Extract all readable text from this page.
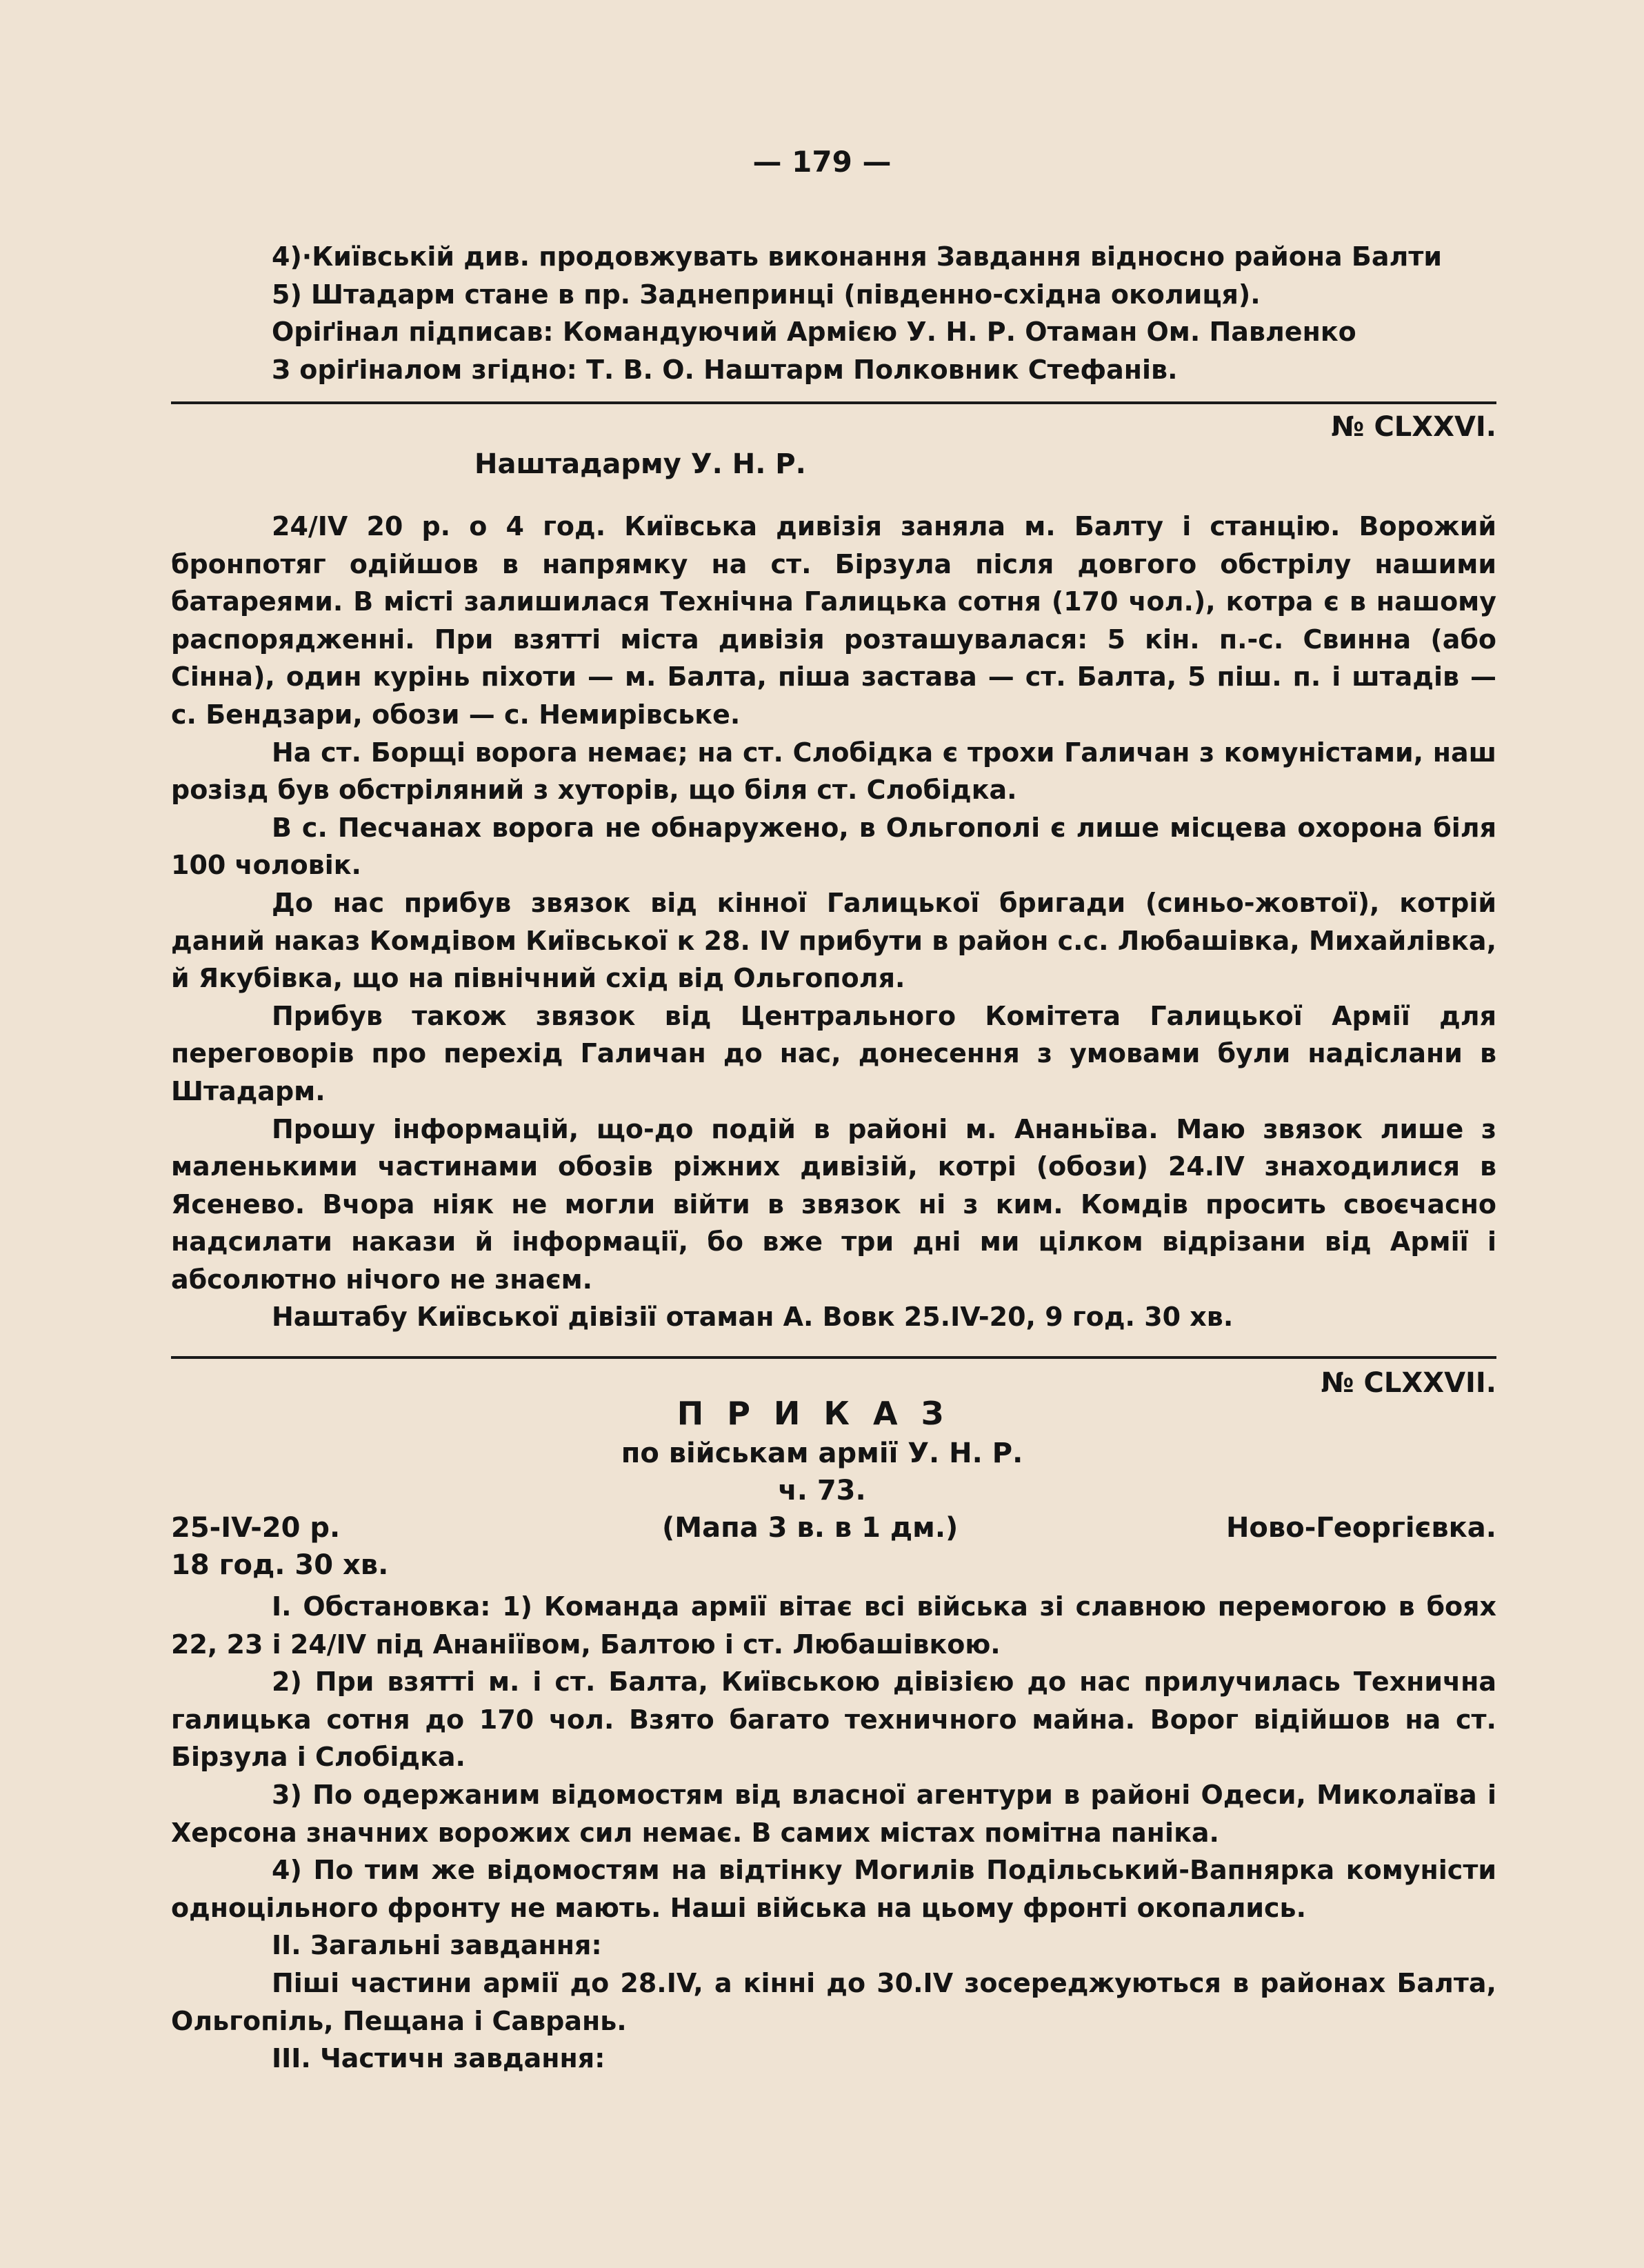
— 179 —

4)·Київській див. продовжувать виконання Завдання відносно района Балти

5) Штадарм стане в пр. Заднепринці (південно-східна околиця).

Оріґінал підписав: Командуючий Армією У. Н. Р. Отаман Ом. Павленко

З оріґіналом згідно: Т. В. О. Наштарм Полковник Стефанів.

№ CLXXVI.
Наштадарму У. Н. Р.

24/IV 20 р. о 4 год. Київська дивізія заняла м. Балту і станцію. Ворожий бронпотяг одійшов в напрямку на ст. Бірзула після довгого обстрілу нашими батареями. В місті залишилася Технічна Галицька сотня (170 чол.), котра є в нашому распорядженні. При взятті міста дивізія розташувалася: 5 кін. п.-с. Свинна (або Сінна), один курінь піхоти — м. Балта, піша застава — ст. Балта, 5 піш. п. і штадів — с. Бендзари, обози — с. Немирівське.

На ст. Борщі ворога немає; на ст. Слобідка є трохи Галичан з комуністами, наш розізд був обстріляний з хуторів, що біля ст. Слобідка.

В с. Песчанах ворога не обнаружено, в Ольгополі є лише місцева охорона біля 100 чоловік.

До нас прибув звязок від кінної Галицької бригади (синьо-жовтої), котрій даний наказ Комдівом Київської к 28. IV прибути в район с.с. Любашівка, Михайлівка, й Якубівка, що на північний схід від Ольгополя.

Прибув також звязок від Центрального Комітета Галицької Армії для переговорів про перехід Галичан до нас, донесення з умовами були надіслани в Штадарм.

Прошу інформацій, що-до подій в районі м. Ананьїва. Маю звязок лише з маленькими частинами обозів ріжних дивізій, котрі (обози) 24.IV знаходилися в Ясенево. Вчора ніяк не могли війти в звязок ні з ким. Комдів просить своєчасно надсилати накази й інформації, бо вже три дні ми цілком відрізани від Армії і абсолютно нічого не знаєм.

Наштабу Київської дівізії отаман А. Вовк 25.IV-20, 9 год. 30 хв.

№ CLXXVII.
ПРИКАЗ
по військам армії У. Н. Р.
ч. 73.
25-IV-20 р.	(Мапа 3 в. в 1 дм.)	Ново-Георгієвка.
18 год. 30 хв.

І. Обстановка: 1) Команда армії вітає всі війська зі славною перемогою в боях 22, 23 і 24/IV під Ананіївом, Балтою і ст. Любашівкою.

2) При взятті м. і ст. Балта, Київською дівізією до нас прилучилась Технична галицька сотня до 170 чол. Взято багато техничного майна. Ворог відійшов на ст. Бірзула і Слобідка.

3) По одержаним відомостям від власної агентури в районі Одеси, Миколаїва і Херсона значних ворожих сил немає. В самих містах помітна паніка.

4) По тим же відомостям на відтінку Могилів Подільський-Вапнярка комуністи одноцільного фронту не мають. Наші війська на цьому фронті окопались.

II. Загальні завдання:

Піші частини армії до 28.IV, а кінні до 30.IV зосереджуються в районах Балта, Ольгопіль, Пещана і Саврань.

III. Частичн завдання:
